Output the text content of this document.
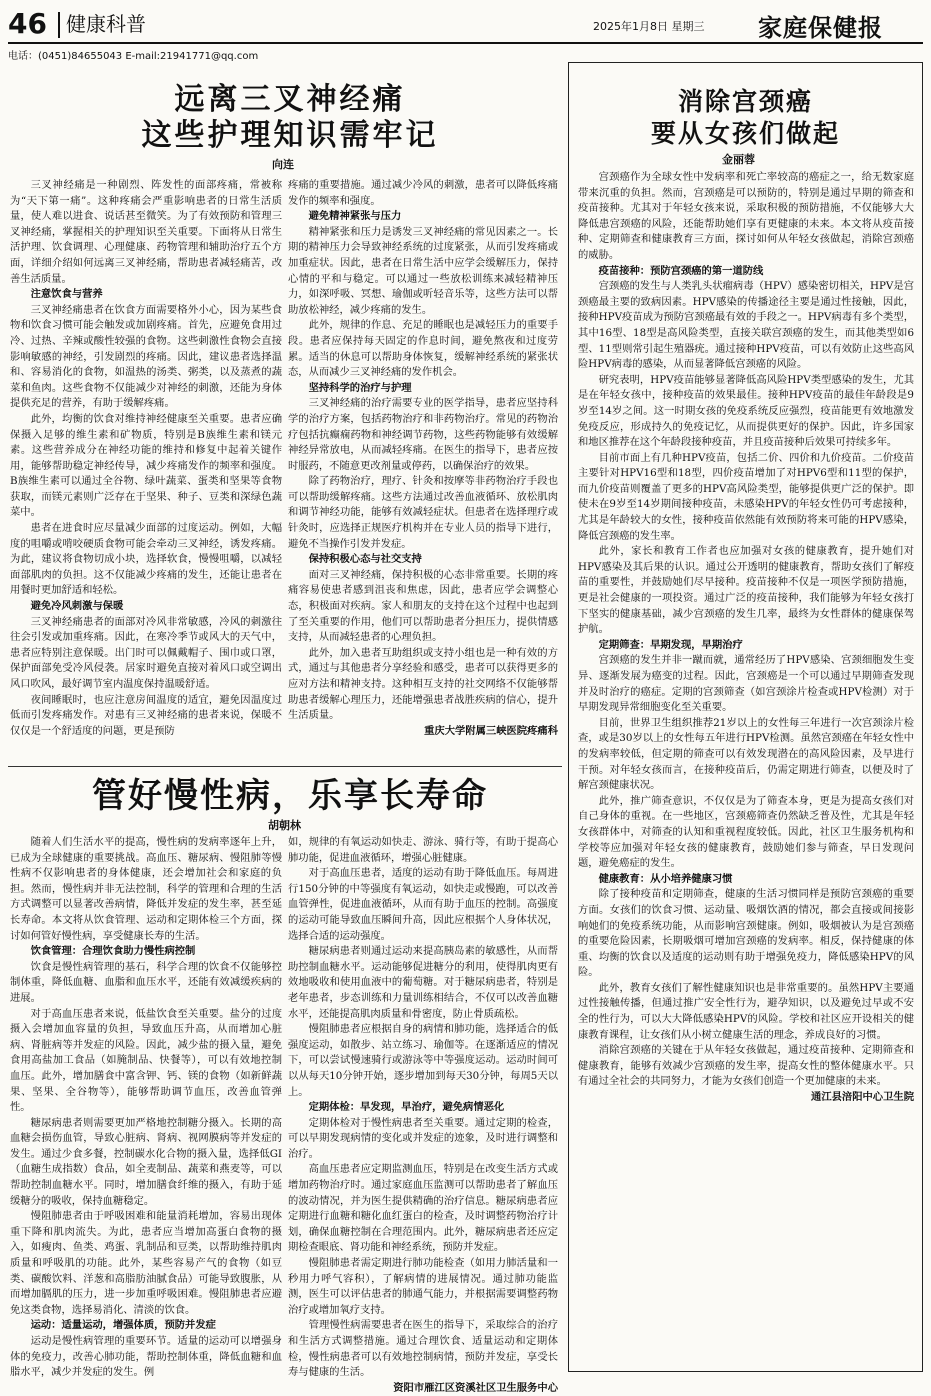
46 健康科普	2025年1月8日 星期三 家庭保健报
电话：(0451)84655043 E-mail:21941771@qq.com
远离三叉神经痛
这些护理知识需牢记
向连

三叉神经痛是一种剧烈、阵发性的面部疼痛，常被称为“天下第一痛”。这种疼痛会严重影响患者的日常生活质量，使人难以进食、说话甚至微笑。为了有效预防和管理三叉神经痛，掌握相关的护理知识至关重要。下面将从日常生活护理、饮食调理、心理健康、药物管理和辅助治疗五个方面，详细介绍如何远离三叉神经痛，帮助患者减轻痛苦，改善生活质量。

注意饮食与营养

三叉神经痛患者在饮食方面需要格外小心，因为某些食物和饮食习惯可能会触发或加剧疼痛。首先，应避免食用过冷、过热、辛辣或酸性较强的食物。这些刺激性食物会直接影响敏感的神经，引发剧烈的疼痛。因此，建议患者选择温和、容易消化的食物，如温热的汤类、粥类，以及蒸煮的蔬菜和鱼肉。这些食物不仅能减少对神经的刺激，还能为身体提供充足的营养，有助于缓解疼痛。

此外，均衡的饮食对维持神经健康至关重要。患者应确保摄入足够的维生素和矿物质，特别是B族维生素和镁元素。这些营养成分在神经功能的维持和修复中起着关键作用，能够帮助稳定神经传导，减少疼痛发作的频率和强度。B族维生素可以通过全谷物、绿叶蔬菜、蛋类和坚果等食物获取，而镁元素则广泛存在于坚果、种子、豆类和深绿色蔬菜中。

患者在进食时应尽量减少面部的过度运动。例如，大幅度的咀嚼或啃咬硬质食物可能会牵动三叉神经，诱发疼痛。为此，建议将食物切成小块，选择软食，慢慢咀嚼，以减轻面部肌肉的负担。这不仅能减少疼痛的发生，还能让患者在用餐时更加舒适和轻松。

避免冷风刺激与保暖

三叉神经痛患者的面部对冷风非常敏感，冷风的刺激往往会引发或加重疼痛。因此，在寒冷季节或风大的天气中，患者应特别注意保暖。出门时可以佩戴帽子、围巾或口罩，保护面部免受冷风侵袭。居家时避免直接对着风口或空调出风口吹风，最好调节室内温度保持温暖舒适。

夜间睡眠时，也应注意房间温度的适宜，避免因温度过低而引发疼痛发作。对患有三叉神经痛的患者来说，保暖不仅仅是一个舒适度的问题，更是预防

疼痛的重要措施。通过减少冷风的刺激，患者可以降低疼痛发作的频率和强度。

避免精神紧张与压力

精神紧张和压力是诱发三叉神经痛的常见因素之一。长期的精神压力会导致神经系统的过度紧张，从而引发疼痛或加重症状。因此，患者在日常生活中应学会缓解压力，保持心情的平和与稳定。可以通过一些放松训练来减轻精神压力，如深呼吸、冥想、瑜伽或听轻音乐等，这些方法可以帮助放松神经，减少疼痛的发生。

此外，规律的作息、充足的睡眠也是减轻压力的重要手段。患者应保持每天固定的作息时间，避免熬夜和过度劳累。适当的休息可以帮助身体恢复，缓解神经系统的紧张状态，从而减少三叉神经痛的发作机会。

坚持科学的治疗与护理

三叉神经痛的治疗需要专业的医学指导，患者应坚持科学的治疗方案，包括药物治疗和非药物治疗。常见的药物治疗包括抗癫痫药物和神经调节药物，这些药物能够有效缓解神经异常放电，从而减轻疼痛。在医生的指导下，患者应按时服药，不随意更改剂量或停药，以确保治疗的效果。

除了药物治疗，理疗、针灸和按摩等非药物治疗手段也可以帮助缓解疼痛。这些方法通过改善血液循环、放松肌肉和调节神经功能，能够有效减轻症状。但患者在选择理疗或针灸时，应选择正规医疗机构并在专业人员的指导下进行，避免不当操作引发并发症。

保持积极心态与社交支持

面对三叉神经痛，保持积极的心态非常重要。长期的疼痛容易使患者感到沮丧和焦虑，因此，患者应学会调整心态，积极面对疾病。家人和朋友的支持在这个过程中也起到了至关重要的作用，他们可以帮助患者分担压力，提供情感支持，从而减轻患者的心理负担。

此外，加入患者互助组织或支持小组也是一种有效的方式，通过与其他患者分享经验和感受，患者可以获得更多的应对方法和精神支持。这种相互支持的社交网络不仅能够帮助患者缓解心理压力，还能增强患者战胜疾病的信心，提升生活质量。

重庆大学附属三峡医院疼痛科

管好慢性病，乐享长寿命
胡朝林

随着人们生活水平的提高，慢性病的发病率逐年上升，已成为全球健康的重要挑战。高血压、糖尿病、慢阻肺等慢性病不仅影响患者的身体健康，还会增加社会和家庭的负担。然而，慢性病并非无法控制，科学的管理和合理的生活方式调整可以显著改善病情，降低并发症的发生率，甚至延长寿命。本文将从饮食管理、运动和定期体检三个方面，探讨如何管好慢性病，享受健康长寿的生活。

饮食管理：合理饮食助力慢性病控制

饮食是慢性病管理的基石，科学合理的饮食不仅能够控制体重，降低血糖、血脂和血压水平，还能有效减缓疾病的进展。

对于高血压患者来说，低盐饮食至关重要。盐分的过度摄入会增加血容量的负担，导致血压升高，从而增加心脏病、肾脏病等并发症的风险。因此，减少盐的摄入量，避免食用高盐加工食品（如腌制品、快餐等），可以有效地控制血压。此外，增加膳食中富含钾、钙、镁的食物（如新鲜蔬果、坚果、全谷物等），能够帮助调节血压，改善血管弹性。

糖尿病患者则需要更加严格地控制糖分摄入。长期的高血糖会损伤血管，导致心脏病、肾病、视网膜病等并发症的发生。通过少食多餐，控制碳水化合物的摄入量，选择低GI（血糖生成指数）食品，如全麦制品、蔬菜和燕麦等，可以帮助控制血糖水平。同时，增加膳食纤维的摄入，有助于延缓糖分的吸收，保持血糖稳定。

慢阻肺患者由于呼吸困难和能量消耗增加，容易出现体重下降和肌肉流失。为此，患者应当增加高蛋白食物的摄入，如瘦肉、鱼类、鸡蛋、乳制品和豆类，以帮助维持肌肉质量和呼吸肌的功能。此外，某些容易产气的食物（如豆类、碳酸饮料、洋葱和高脂肪油腻食品）可能导致腹胀，从而增加膈肌的压力，进一步加重呼吸困难。慢阻肺患者应避免这类食物，选择易消化、清淡的饮食。

运动：适量运动，增强体质，预防并发症

运动是慢性病管理的重要环节。适量的运动可以增强身体的免疫力，改善心肺功能，帮助控制体重，降低血糖和血脂水平，减少并发症的发生。例

如，规律的有氧运动如快走、游泳、骑行等，有助于提高心肺功能，促进血液循环，增强心脏健康。

对于高血压患者，适度的运动有助于降低血压。每周进行150分钟的中等强度有氧运动，如快走或慢跑，可以改善血管弹性，促进血液循环，从而有助于血压的控制。高强度的运动可能导致血压瞬间升高，因此应根据个人身体状况，选择合适的运动强度。

糖尿病患者则通过运动来提高胰岛素的敏感性，从而帮助控制血糖水平。运动能够促进糖分的利用，使得肌肉更有效地吸收和使用血液中的葡萄糖。对于糖尿病患者，特别是老年患者，步态训练和力量训练相结合，不仅可以改善血糖水平，还能提高肌肉质量和骨密度，防止骨质疏松。

慢阻肺患者应根据自身的病情和肺功能，选择适合的低强度运动，如散步、站立练习、瑜伽等。在逐渐适应的情况下，可以尝试慢速骑行或游泳等中等强度运动。运动时间可以从每天10分钟开始，逐步增加到每天30分钟，每周5天以上。

定期体检：早发现，早治疗，避免病情恶化

定期体检对于慢性病患者至关重要。通过定期的检查，可以早期发现病情的变化或并发症的迹象，及时进行调整和治疗。

高血压患者应定期监测血压，特别是在改变生活方式或增加药物治疗时。通过家庭血压监测可以帮助患者了解血压的波动情况，并为医生提供精确的治疗信息。糖尿病患者应定期进行血糖和糖化血红蛋白的检查，及时调整药物治疗计划，确保血糖控制在合理范围内。此外，糖尿病患者还应定期检查眼底、肾功能和神经系统，预防并发症。

慢阻肺患者需定期进行肺功能检查（如用力肺活量和一秒用力呼气容积），了解病情的进展情况。通过肺功能监测，医生可以评估患者的肺通气能力，并根据需要调整药物治疗或增加氧疗支持。

管理慢性病需要患者在医生的指导下，采取综合的治疗和生活方式调整措施。通过合理饮食、适量运动和定期体检，慢性病患者可以有效地控制病情，预防并发症，享受长寿与健康的生活。

资阳市雁江区资溪社区卫生服务中心

消除宫颈癌
要从女孩们做起
金丽蓉

宫颈癌作为全球女性中发病率和死亡率较高的癌症之一，给无数家庭带来沉重的负担。然而，宫颈癌是可以预防的，特别是通过早期的筛查和疫苗接种。尤其对于年轻女孩来说，采取积极的预防措施，不仅能够大大降低患宫颈癌的风险，还能帮助她们享有更健康的未来。本文将从疫苗接种、定期筛查和健康教育三方面，探讨如何从年轻女孩做起，消除宫颈癌的威胁。

疫苗接种：预防宫颈癌的第一道防线

宫颈癌的发生与人类乳头状瘤病毒（HPV）感染密切相关，HPV是宫颈癌最主要的致病因素。HPV感染的传播途径主要是通过性接触，因此，接种HPV疫苗成为预防宫颈癌最有效的手段之一。HPV病毒有多个类型，其中16型、18型是高风险类型，直接关联宫颈癌的发生，而其他类型如6型、11型则常引起生殖器疣。通过接种HPV疫苗，可以有效防止这些高风险HPV病毒的感染，从而显著降低宫颈癌的风险。

研究表明，HPV疫苗能够显著降低高风险HPV类型感染的发生，尤其是在年轻女孩中，接种疫苗的效果最佳。接种HPV疫苗的最佳年龄段是9岁至14岁之间。这一时期女孩的免疫系统反应强烈，疫苗能更有效地激发免疫反应，形成持久的免疫记忆，从而提供更好的保护。因此，许多国家和地区推荐在这个年龄段接种疫苗，并且疫苗接种后效果可持续多年。

目前市面上有几种HPV疫苗，包括二价、四价和九价疫苗。二价疫苗主要针对HPV16型和18型，四价疫苗增加了对HPV6型和11型的保护，而九价疫苗则覆盖了更多的HPV高风险类型，能够提供更广泛的保护。即使未在9岁至14岁期间接种疫苗，未感染HPV的年轻女性仍可考虑接种，尤其是年龄较大的女性，接种疫苗依然能有效预防将来可能的HPV感染，降低宫颈癌的发生率。

此外，家长和教育工作者也应加强对女孩的健康教育，提升她们对HPV感染及其后果的认识。通过公开透明的健康教育，帮助女孩们了解疫苗的重要性，并鼓励她们尽早接种。疫苗接种不仅是一项医学预防措施，更是社会健康的一项投资。通过广泛的疫苗接种，我们能够为年轻女孩打下坚实的健康基础，减少宫颈癌的发生几率，最终为女性群体的健康保驾护航。

定期筛查：早期发现，早期治疗

宫颈癌的发生并非一蹴而就，通常经历了HPV感染、宫颈细胞发生变异、逐渐发展为癌变的过程。因此，宫颈癌是一个可以通过早期筛查发现并及时治疗的癌症。定期的宫颈筛查（如宫颈涂片检查或HPV检测）对于早期发现异常细胞变化至关重要。

目前，世界卫生组织推荐21岁以上的女性每三年进行一次宫颈涂片检查，或是30岁以上的女性每五年进行HPV检测。虽然宫颈癌在年轻女性中的发病率较低，但定期的筛查可以有效发现潜在的高风险因素，及早进行干预。对年轻女孩而言，在接种疫苗后，仍需定期进行筛查，以便及时了解宫颈健康状况。

此外，推广筛查意识，不仅仅是为了筛查本身，更是为提高女孩们对自己身体的重视。在一些地区，宫颈癌筛查仍然缺乏普及性，尤其是年轻女孩群体中，对筛查的认知和重视程度较低。因此，社区卫生服务机构和学校等应加强对年轻女孩的健康教育，鼓励她们参与筛查，早日发现问题，避免癌症的发生。

健康教育：从小培养健康习惯

除了接种疫苗和定期筛查，健康的生活习惯同样是预防宫颈癌的重要方面。女孩们的饮食习惯、运动量、吸烟饮酒的情况，都会直接或间接影响她们的免疫系统功能，从而影响宫颈健康。例如，吸烟被认为是宫颈癌的重要危险因素，长期吸烟可增加宫颈癌的发病率。相反，保持健康的体重、均衡的饮食以及适度的运动则有助于增强免疫力，降低感染HPV的风险。

此外，教育女孩们了解性健康知识也是非常重要的。虽然HPV主要通过性接触传播，但通过推广安全性行为，避孕知识，以及避免过早或不安全的性行为，可以大大降低感染HPV的风险。学校和社区应开设相关的健康教育课程，让女孩们从小树立健康生活的理念，养成良好的习惯。

消除宫颈癌的关键在于从年轻女孩做起，通过疫苗接种、定期筛查和健康教育，能够有效减少宫颈癌的发生率，提高女性的整体健康水平。只有通过全社会的共同努力，才能为女孩们创造一个更加健康的未来。

通江县涪阳中心卫生院
